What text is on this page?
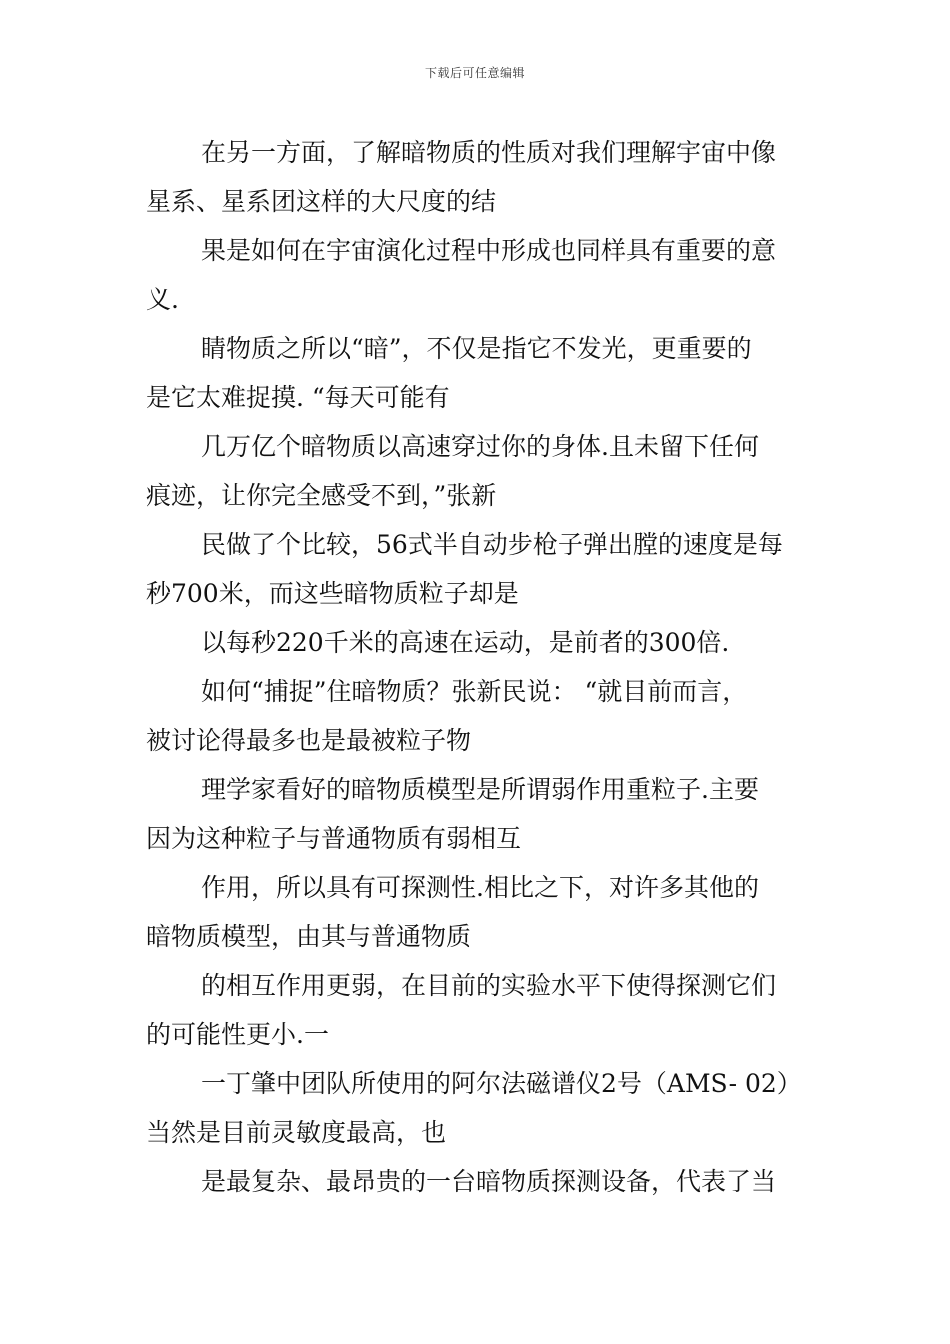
下载后可任意编辑
在另一方面，了解暗物质的性质对我们理解宇宙中像
星系、星系团这样的大尺度的结
果是如何在宇宙演化过程中形成也同样具有重要的意
义.
睛物质之所以“暗”，不仅是指它不发光，更重要的
是它太难捉摸. “每天可能有
几万亿个暗物质以高速穿过你的身体.且未留下任何
痕迹，让你完全感受不到，”张新
民做了个比较，56式半自动步枪子弹出膛的速度是每
秒700米，而这些暗物质粒子却是
以每秒220千米的高速在运动，是前者的300倍.
如何“捕捉”住暗物质？张新民说： “就目前而言，
被讨论得最多也是最被粒子物
理学家看好的暗物质模型是所谓弱作用重粒子.主要
因为这种粒子与普通物质有弱相互
作用，所以具有可探测性.相比之下，对许多其他的
暗物质模型，由其与普通物质
的相互作用更弱，在目前的实验水平下使得探测它们
的可能性更小.一
一丁肇中团队所使用的阿尔法磁谱仪2号（AMS- 02）
当然是目前灵敏度最高，也
是最复杂、最昂贵的一台暗物质探测设备，代表了当
